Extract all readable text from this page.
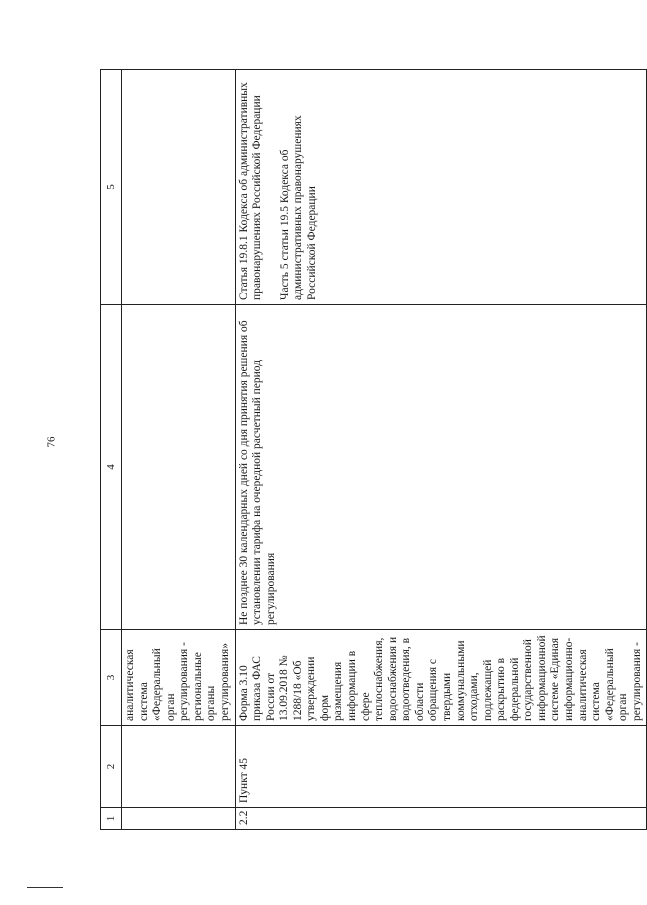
76
1	2	3	4	5
		аналитическая система «Федеральный орган регулирования - региональные органы регулирования»		
2.2	Пункт 45	Форма 3.10 приказа ФАС России от 13.09.2018 № 1288/18 «Об утверждении форм размещения информации в сфере теплоснабжения, водоснабжения и водоотведения, в области обращения с твердыми коммунальными отходами, подлежащей раскрытию в федеральной государственной информационной системе «Единая информационно-аналитическая система «Федеральный орган регулирования -	Не позднее 30 календарных дней со дня принятия решения об установлении тарифа на очередной расчетный период регулирования	Статья 19.8.1 Кодекса об административных правонарушениях Российской Федерации Часть 5 статьи 19.5 Кодекса об административных правонарушениях Российской Федерации
